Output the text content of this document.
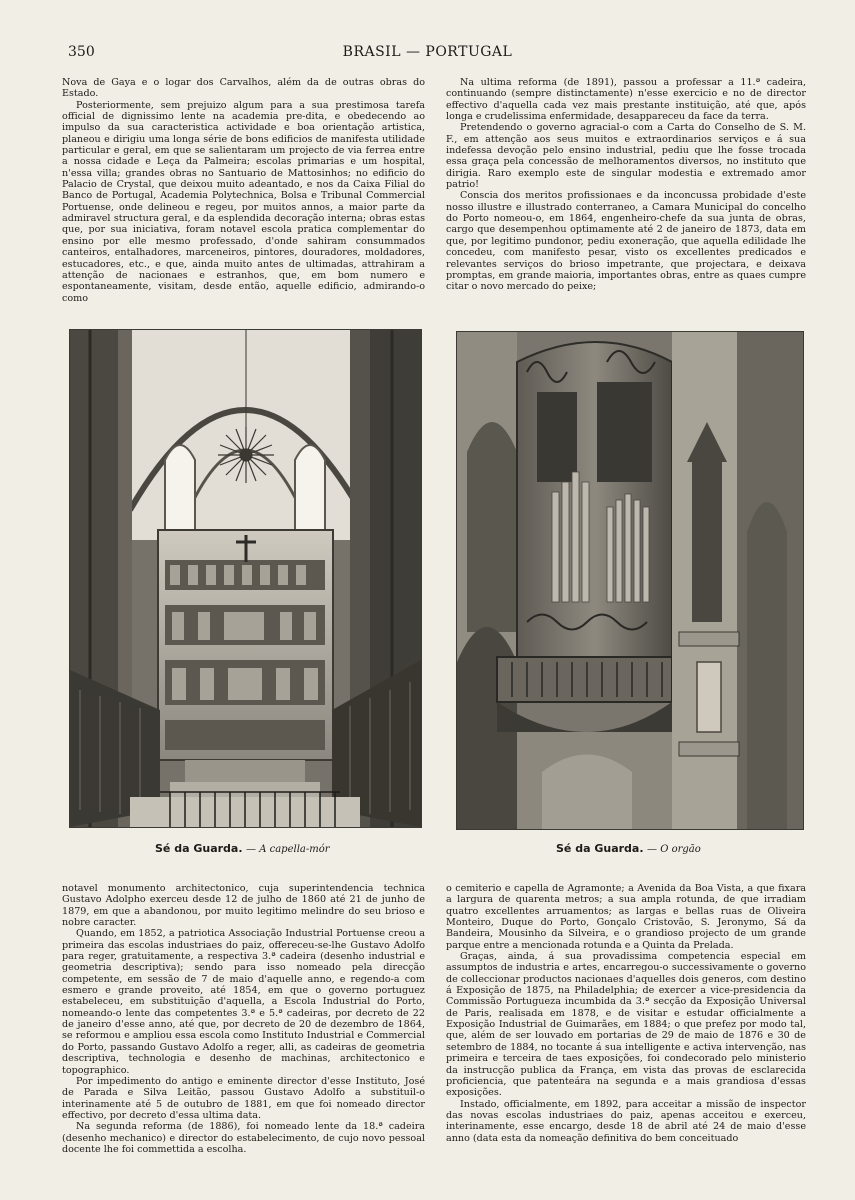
350	BRASIL — PORTUGAL

Nova de Gaya e o logar dos Carvalhos, além da de outras obras do Estado.

Posteriormente, sem prejuizo algum para a sua prestimosa tarefa official de dignissimo lente na academia pre-dita, e obedecendo ao impulso da sua caracteristica actividade e boa orientação artistica, planeou e dirigiu uma longa série de bons edificios de manifesta utilidade particular e geral, em que se salientaram um projecto de via ferrea entre a nossa cidade e Leça da Palmeira; escolas primarias e um hospital, n'essa villa; grandes obras no Santuario de Mattosinhos; no edificio do Palacio de Crystal, que deixou muito adeantado, e nos da Caixa Filial do Banco de Portugal, Academia Polytechnica, Bolsa e Tribunal Commercial Portuense, onde delineou e regeu, por muitos annos, a maior parte da admiravel structura geral, e da esplendida decoração interna; obras estas que, por sua iniciativa, foram notavel escola pratica complementar do ensino por elle mesmo professado, d'onde sahiram consummados canteiros, entalhadores, marceneiros, pintores, douradores, moldadores, estucadores, etc., e que, ainda muito antes de ultimadas, attrahiram a attenção de nacionaes e estranhos, que, em bom numero e espontaneamente, visitam, desde então, aquelle edificio, admirando-o como

Na ultima reforma (de 1891), passou a professar a 11.ª cadeira, continuando (sempre distinctamente) n'esse exercicio e no de director effectivo d'aquella cada vez mais prestante instituição, até que, após longa e crudelissima enfermidade, desappareceu da face da terra.

Pretendendo o governo agracial-o com a Carta do Conselho de S. M. F., em attenção aos seus muitos e extraordinarios serviços e á sua indefessa devoção pelo ensino industrial, pediu que lhe fosse trocada essa graça pela concessão de melhoramentos diversos, no instituto que dirigia. Raro exemplo este de singular modestia e extremado amor patrio!

Conscia dos meritos profissionaes e da inconcussa probidade d'este nosso illustre e illustrado conterraneo, a Camara Municipal do concelho do Porto nomeou-o, em 1864, engenheiro-chefe da sua junta de obras, cargo que desempenhou optimamente até 2 de janeiro de 1873, data em que, por legitimo pundonor, pediu exoneração, que aquella edilidade lhe concedeu, com manifesto pesar, visto os excellentes predicados e relevantes serviços do brioso impetrante, que projectara, e deixava promptas, em grande maioria, importantes obras, entre as quaes cumpre citar o novo mercado do peixe;

Sé da Guarda. — A capella-mór	Sé da Guarda. — O orgão

notavel monumento architectonico, cuja superintendencia technica Gustavo Adolpho exerceu desde 12 de julho de 1860 até 21 de junho de 1879, em que a abandonou, por muito legitimo melindre do seu brioso e nobre caracter.

Quando, em 1852, a patriotica Associação Industrial Portuense creou a primeira das escolas industriaes do paiz, offereceu-se-lhe Gustavo Adolfo para reger, gratuitamente, a respectiva 3.ª cadeira (desenho industrial e geometria descriptiva); sendo para isso nomeado pela direcção competente, em sessão de 7 de maio d'aquelle anno, e regendo-a com esmero e grande proveito, até 1854, em que o governo portuguez estabeleceu, em substituição d'aquella, a Escola Industrial do Porto, nomeando-o lente das competentes 3.ª e 5.ª cadeiras, por decreto de 22 de janeiro d'esse anno, até que, por decreto de 20 de dezembro de 1864, se reformou e ampliou essa escola como Instituto Industrial e Commercial do Porto, passando Gustavo Adolfo a reger, alli, as cadeiras de geometria descriptiva, technologia e desenho de machinas, architectonico e topographico.

Por impedimento do antigo e eminente director d'esse Instituto, José de Parada e Silva Leitão, passou Gustavo Adolfo a substituil-o interinamente até 5 de outubro de 1881, em que foi nomeado director effectivo, por decreto d'essa ultima data.

Na segunda reforma (de 1886), foi nomeado lente da 18.ª cadeira (desenho mechanico) e director do estabelecimento, de cujo novo pessoal docente lhe foi commettida a escolha.

o cemiterio e capella de Agramonte; a Avenida da Boa Vista, a que fixara a largura de quarenta metros; a sua ampla rotunda, de que irradiam quatro excellentes arruamentos; as largas e bellas ruas de Oliveira Monteiro, Duque do Porto, Gonçalo Cristovão, S. Jeronymo, Sá da Bandeira, Mousinho da Silveira, e o grandioso projecto de um grande parque entre a mencionada rotunda e a Quinta da Prelada.

Graças, ainda, á sua provadissima competencia especial em assumptos de industria e artes, encarregou-o successivamente o governo de colleccionar productos nacionaes d'aquelles dois generos, com destino á Exposição de 1875, na Philadelphia; de exercer a vice-presidencia da Commissão Portugueza incumbida da 3.ª secção da Exposição Universal de Paris, realisada em 1878, e de visitar e estudar officialmente a Exposição Industrial de Guimarães, em 1884; o que prefez por modo tal, que, além de ser louvado em portarias de 29 de maio de 1876 e 30 de setembro de 1884, no tocante á sua intelligente e activa intervenção, nas primeira e terceira de taes exposições, foi condecorado pelo ministerio da instrucção publica da França, em vista das provas de esclarecida proficiencia, que patenteára na segunda e a mais grandiosa d'essas exposições.

Instado, officialmente, em 1892, para acceitar a missão de inspector das novas escolas industriaes do paiz, apenas acceitou e exerceu, interinamente, esse encargo, desde 18 de abril até 24 de maio d'esse anno (data esta da nomeação definitiva do bem conceituado
